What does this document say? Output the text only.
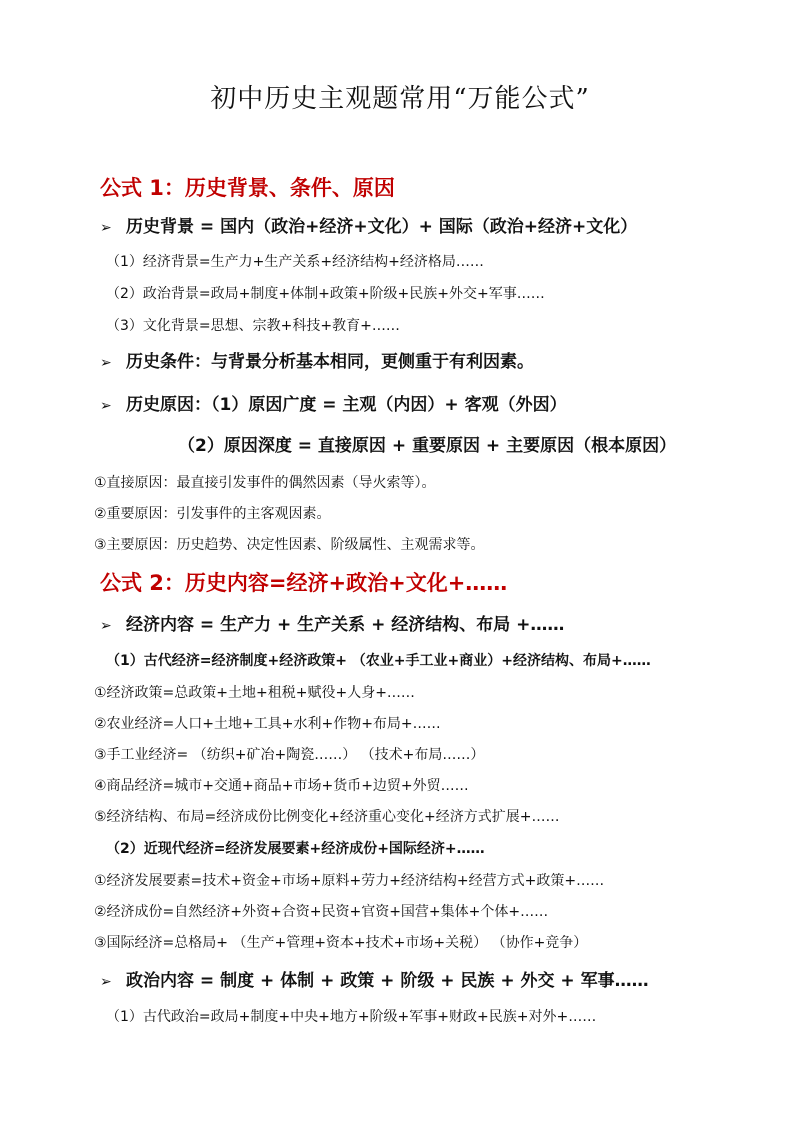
初中历史主观题常用“万能公式”
公式 1：历史背景、条件、原因
➢ 历史背景 = 国内（政治+经济+文化）+ 国际（政治+经济+文化）
（1）经济背景=生产力+生产关系+经济结构+经济格局……
（2）政治背景=政局+制度+体制+政策+阶级+民族+外交+军事……
（3）文化背景=思想、宗教+科技+教育+……
➢ 历史条件：与背景分析基本相同，更侧重于有利因素。
➢ 历史原因：（1）原因广度 = 主观（内因）+ 客观（外因）
（2）原因深度 = 直接原因 + 重要原因 + 主要原因（根本原因）
①直接原因：最直接引发事件的偶然因素（导火索等）。
②重要原因：引发事件的主客观因素。
③主要原因：历史趋势、决定性因素、阶级属性、主观需求等。
公式 2：历史内容=经济+政治+文化+……
➢ 经济内容 = 生产力 + 生产关系 + 经济结构、布局 +……
（1）古代经济=经济制度+经济政策+ （农业+手工业+商业）+经济结构、布局+……
①经济政策=总政策+土地+租税+赋役+人身+……
②农业经济=人口+土地+工具+水利+作物+布局+……
③手工业经济= （纺织+矿冶+陶瓷……） （技术+布局……）
④商品经济=城市+交通+商品+市场+货币+边贸+外贸……
⑤经济结构、布局=经济成份比例变化+经济重心变化+经济方式扩展+……
（2）近现代经济=经济发展要素+经济成份+国际经济+……
①经济发展要素=技术+资金+市场+原料+劳力+经济结构+经营方式+政策+……
②经济成份=自然经济+外资+合资+民资+官资+国营+集体+个体+……
③国际经济=总格局+ （生产+管理+资本+技术+市场+关税） （协作+竞争）
➢ 政治内容 = 制度 + 体制 + 政策 + 阶级 + 民族 + 外交 + 军事……
（1）古代政治=政局+制度+中央+地方+阶级+军事+财政+民族+对外+……
